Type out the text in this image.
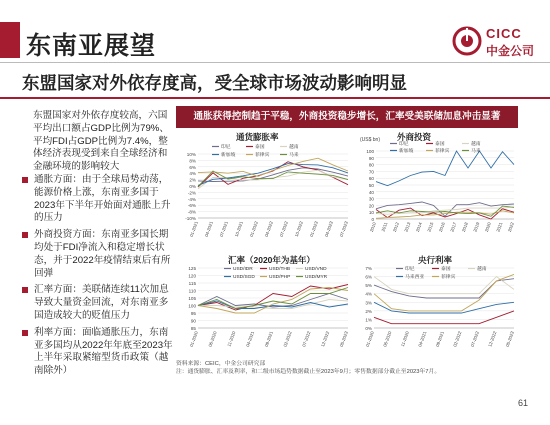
东南亚展望	CICC
中金公司
东盟国家对外依存度高，受全球市场波动影响明显
东盟国家对外依存度较高，六国平均出口额占GDP比例为79%、平均FDI占GDP比例为7.4%，整体经济表现受到来自全球经济和金融环境的影响较大
通胀方面：由于全球局势动荡，能源价格上涨，东南亚多国于2023年下半年开始面对通胀上升的压力
外商投资方面：东南亚多国长期均处于FDI净流入和稳定增长状态，并于2022年疫情结束后有所回弹
汇率方面：美联储连续11次加息导致大量资金回流，对东南亚多国造成较大的贬值压力
利率方面：面临通胀压力，东南亚多国均从2022年年底至2023年上半年采取紧缩型货币政策（越南除外）
通胀获得控制趋于平稳，外商投资稳步增长，汇率受美联储加息冲击显著
通货膨胀率
10%
8%
6%
4%
2%
0%
-2%
-4%
-6%
-8%
-10%
01-2021 04-2021 07-2021 10-2021 01-2022 04-2022 07-2022 10-2022 01-2023 04-2023 07-2023
印尼	泰国	越南
新加坡	菲律宾	马来
外商投资
100
90
80
70
60
50
40
30
20
10
0
2010 2011 2012 2013 2014 2015 2016 2017 2018 2019 2020 2021 2022
(US$ bn)
印尼	泰国	越南
新加坡	菲律宾	马来
汇率（2020年为基年）
125
120
115
110
105
100
95
90
85
01-2020 06-2020 11-2020 04-2021 09-2021 02-2022 07-2022 12-2022 05-2023
USD/IDR	USD/THB	USD/VND
USD/SGD	USD/PHP	USD/MYR
央行利率
7%
6%
5%
4%
3%
2%
1%
0%
01-2020 06-2020 11-2020 04-2021 09-2021 02-2022 07-2022 12-2022 05-2023
印尼	泰国	越南
马来西亚	菲律宾
资料来源：CEIC，中金公司研究部
注：通货膨胀、汇率及利率，和二级市场趋势数据截止至2023年9月；零售数据部分截止至2023年7月。
61
